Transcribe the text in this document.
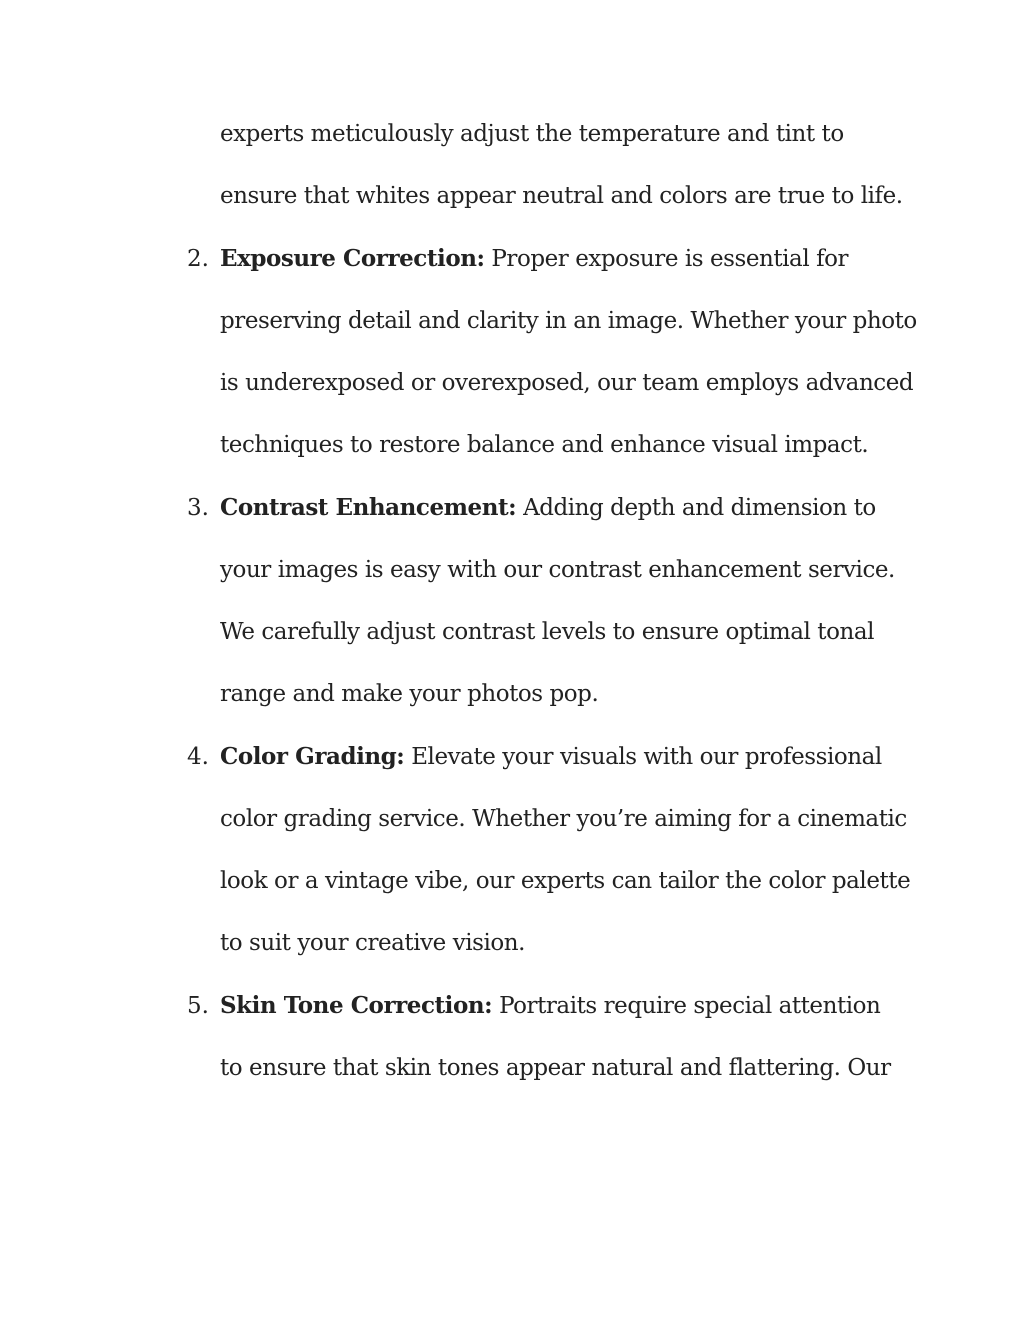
experts meticulously adjust the temperature and tint to
ensure that whites appear neutral and colors are true to life.
2. Exposure Correction: Proper exposure is essential for
preserving detail and clarity in an image. Whether your photo
is underexposed or overexposed, our team employs advanced
techniques to restore balance and enhance visual impact.
3. Contrast Enhancement: Adding depth and dimension to
your images is easy with our contrast enhancement service.
We carefully adjust contrast levels to ensure optimal tonal
range and make your photos pop.
4. Color Grading: Elevate your visuals with our professional
color grading service. Whether you’re aiming for a cinematic
look or a vintage vibe, our experts can tailor the color palette
to suit your creative vision.
5. Skin Tone Correction: Portraits require special attention
to ensure that skin tones appear natural and flattering. Our
